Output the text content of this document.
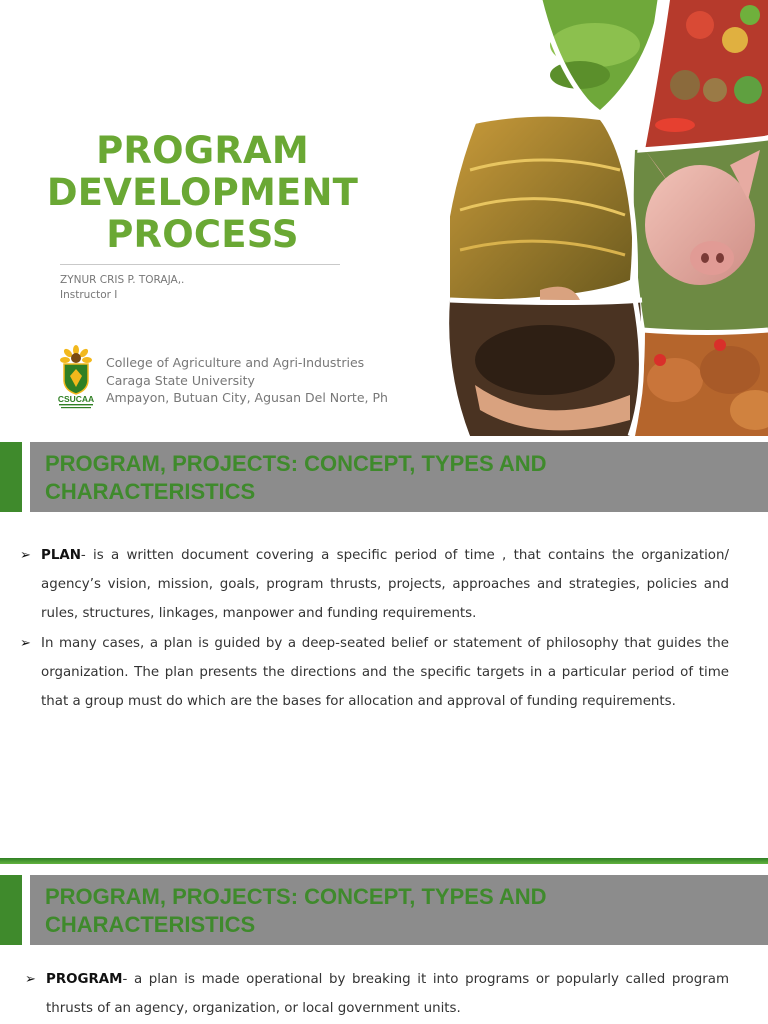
PROGRAM
DEVELOPMENT
PROCESS
ZYNUR CRIS P. TORAJA,.
Instructor I
CSUCAA
College of Agriculture and Agri-Industries
Caraga State University
Ampayon, Butuan City, Agusan Del Norte, Ph
PROGRAM, PROJECTS: CONCEPT, TYPES AND CHARACTERISTICS
➢ PLAN- is a written document covering a specific period of time , that contains the organization/ agency’s vision, mission, goals, program thrusts, projects, approaches and strategies, policies and rules, structures, linkages, manpower and funding requirements.
➢ In many cases, a plan is guided by a deep-seated belief or statement of philosophy that guides the organization. The plan presents the directions and the specific targets in a particular period of time that a group must do which are the bases for allocation and approval of funding requirements.
PROGRAM, PROJECTS: CONCEPT, TYPES AND CHARACTERISTICS
➢ PROGRAM- a plan is made operational by breaking it into programs or popularly called program thrusts of an agency, organization, or local government units.
